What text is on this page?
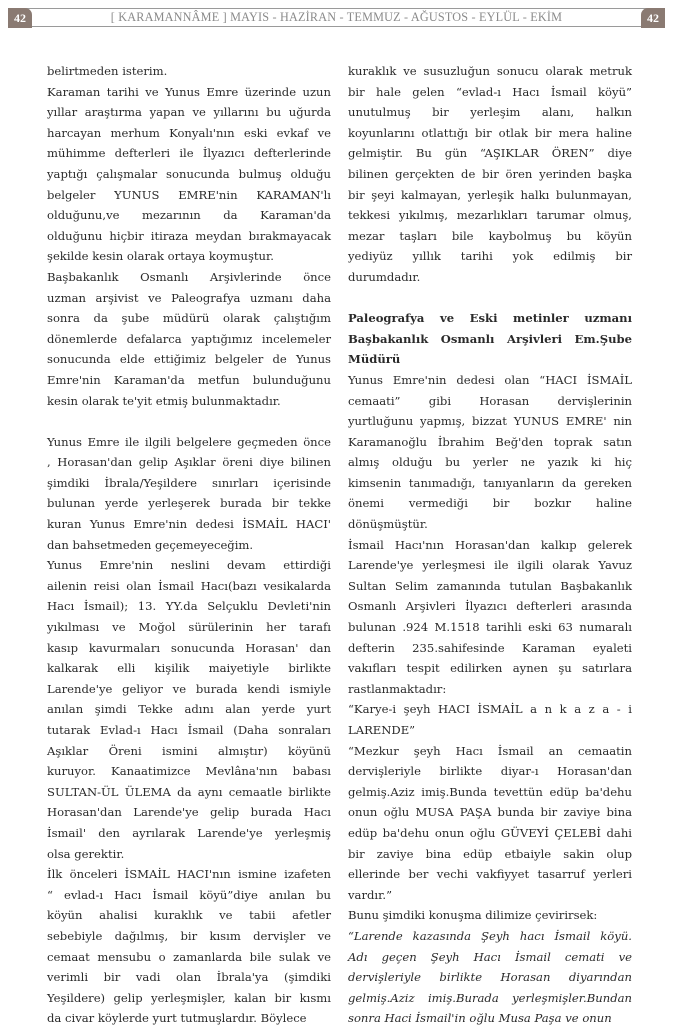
42	[ KARAMANNÂME ] MAYIS - HAZİRAN - TEMMUZ - AĞUSTOS - EYLÜL - EKİM	42

belirtmeden isterim.

Karaman tarihi ve Yunus Emre üzerinde uzun
yıllar araştırma yapan ve yıllarını bu uğurda
harcayan merhum Konyalı'nın eski evkaf ve
mühimme defterleri ile İlyazıcı defterlerinde
yaptığı çalışmalar sonucunda bulmuş olduğu
belgeler YUNUS EMRE'nin KARAMAN'lı
olduğunu,ve mezarının da Karaman'da
olduğunu hiçbir itiraza meydan bırakmayacak
şekilde kesin olarak ortaya koymuştur.

Başbakanlık Osmanlı Arşivlerinde önce
uzman arşivist ve Paleografya uzmanı daha
sonra da şube müdürü olarak çalıştığım
dönemlerde defalarca yaptığımız incelemeler
sonucunda elde ettiğimiz belgeler de Yunus
Emre'nin Karaman'da metfun bulunduğunu
kesin olarak te'yit etmiş bulunmaktadır.

Yunus Emre ile ilgili belgelere geçmeden önce
, Horasan'dan gelip Aşıklar öreni diye bilinen
şimdiki İbrala/Yeşildere sınırları içerisinde
bulunan yerde yerleşerek burada bir tekke
kuran Yunus Emre'nin dedesi İSMAİL HACI'
dan bahsetmeden geçemeyeceğim.

Yunus Emre'nin neslini devam ettirdiği
ailenin reisi olan İsmail Hacı(bazı vesikalarda
Hacı İsmail); 13. YY.da Selçuklu Devleti'nin
yıkılması ve Moğol sürülerinin her tarafı
kasıp kavurmaları sonucunda Horasan' dan
kalkarak elli kişilik maiyetiyle birlikte
Larende'ye geliyor ve burada kendi ismiyle
anılan şimdi Tekke adını alan yerde yurt
tutarak Evlad-ı Hacı İsmail (Daha sonraları
Aşıklar Öreni ismini almıştır) köyünü
kuruyor. Kanaatimizce Mevlâna'nın babası
SULTAN-ÜL ÜLEMA da aynı cemaatle birlikte
Horasan'dan Larende'ye gelip burada Hacı
İsmail' den ayrılarak Larende'ye yerleşmiş
olsa gerektir.

İlk önceleri İSMAİL HACI'nın ismine izafeten
“ evlad-ı Hacı İsmail köyü”diye anılan bu
köyün ahalisi kuraklık ve tabii afetler
sebebiyle dağılmış, bir kısım dervişler ve
cemaat mensubu o zamanlarda bile sulak ve
verimli bir vadi olan İbrala'ya (şimdiki
Yeşildere) gelip yerleşmişler, kalan bir kısmı
da civar köylerde yurt tutmuşlardır. Böylece

kuraklık ve susuzluğun sonucu olarak metruk
bir hale gelen “evlad-ı Hacı İsmail köyü”
unutulmuş bir yerleşim alanı, halkın
koyunlarını otlattığı bir otlak bir mera haline
gelmiştir. Bu gün “AŞIKLAR ÖREN” diye
bilinen gerçekten de bir ören yerinden başka
bir şeyi kalmayan, yerleşik halkı bulunmayan,
tekkesi yıkılmış, mezarlıkları tarumar olmuş,
mezar taşları bile kaybolmuş bu köyün
yediyüz yıllık tarihi yok edilmiş bir
durumdadır.

Paleografya ve Eski metinler uzmanı
Başbakanlık Osmanlı Arşivleri Em.Şube
Müdürü

Yunus Emre'nin dedesi olan “HACI İSMAİL
cemaati” gibi Horasan dervişlerinin
yurtluğunu yapmış, bizzat YUNUS EMRE' nin
Karamanoğlu İbrahim Beğ'den toprak satın
almış olduğu bu yerler ne yazık ki hiç
kimsenin tanımadığı, tanıyanların da gereken
önemi vermediği bir bozkır haline
dönüşmüştür.

İsmail Hacı'nın Horasan'dan kalkıp gelerek
Larende'ye yerleşmesi ile ilgili olarak Yavuz
Sultan Selim zamanında tutulan Başbakanlık
Osmanlı Arşivleri İlyazıcı defterleri arasında
bulunan .924 M.1518 tarihli eski 63 numaralı
defterin 235.sahifesinde Karaman eyaleti
vakıfları tespit edilirken aynen şu satırlara
rastlanmaktadır:

“Karye-i şeyh HACI İSMAİL a n k a z a - i
LARENDE”

“Mezkur şeyh Hacı İsmail an cemaatin
dervişleriyle birlikte diyar-ı Horasan'dan
gelmiş.Aziz imiş.Bunda tevettün edüp ba'dehu
onun oğlu MUSA PAŞA bunda bir zaviye bina
edüp ba'dehu onun oğlu GÜVEYİ ÇELEBİ dahi
bir zaviye bina edüp etbaiyle sakin olup
ellerinde ber vechi vakfiyyet tasarruf yerleri
vardır.”

Bunu şimdiki konuşma dilimize çevirirsek:

“Larende kazasında Şeyh hacı İsmail köyü.
Adı geçen Şeyh Hacı İsmail cemati ve
dervişleriyle birlikte Horasan diyarından
gelmiş.Aziz imiş.Burada yerleşmişler.Bundan
sonra Haci İsmail'in oğlu Musa Paşa ve onun
